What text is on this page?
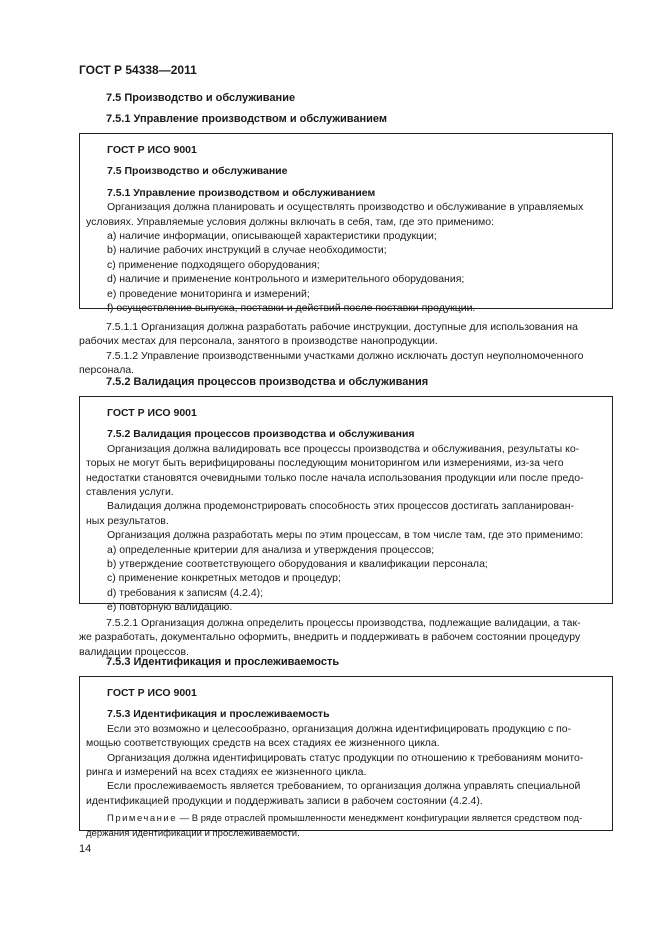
ГОСТ Р 54338—2011
7.5 Производство и обслуживание
7.5.1 Управление производством и обслуживанием
ГОСТ Р ИСО 9001
7.5 Производство и обслуживание
7.5.1 Управление производством и обслуживанием
Организация должна планировать и осуществлять производство и обслуживание в управляемых
условиях. Управляемые условия должны включать в себя, там, где это применимо:
a) наличие информации, описывающей характеристики продукции;
b) наличие рабочих инструкций в случае необходимости;
c) применение подходящего оборудования;
d) наличие и применение контрольного и измерительного оборудования;
e) проведение мониторинга и измерений;
f) осуществление выпуска, поставки и действий после поставки продукции.
7.5.1.1 Организация должна разработать рабочие инструкции, доступные для использования на
рабочих местах для персонала, занятого в производстве нанопродукции.
7.5.1.2 Управление производственными участками должно исключать доступ неуполномоченного
персонала.
7.5.2 Валидация процессов производства и обслуживания
ГОСТ Р ИСО 9001
7.5.2 Валидация процессов производства и обслуживания
Организация должна валидировать все процессы производства и обслуживания, результаты ко-
торых не могут быть верифицированы последующим мониторингом или измерениями, из-за чего
недостатки становятся очевидными только после начала использования продукции или после предо-
ставления услуги.
Валидация должна продемонстрировать способность этих процессов достигать запланирован-
ных результатов.
Организация должна разработать меры по этим процессам, в том числе там, где это применимо:
a) определенные критерии для анализа и утверждения процессов;
b) утверждение соответствующего оборудования и квалификации персонала;
c) применение конкретных методов и процедур;
d) требования к записям (4.2.4);
e) повторную валидацию.
7.5.2.1 Организация должна определить процессы производства, подлежащие валидации, а так-
же разработать, документально оформить, внедрить и поддерживать в рабочем состоянии процедуру
валидации процессов.
7.5.3 Идентификация и прослеживаемость
ГОСТ Р ИСО 9001
7.5.3 Идентификация и прослеживаемость
Если это возможно и целесообразно, организация должна идентифицировать продукцию с по-
мощью соответствующих средств на всех стадиях ее жизненного цикла.
Организация должна идентифицировать статус продукции по отношению к требованиям монито-
ринга и измерений на всех стадиях ее жизненного цикла.
Если прослеживаемость является требованием, то организация должна управлять специальной
идентификацией продукции и поддерживать записи в рабочем состоянии (4.2.4).
Примечание — В ряде отраслей промышленности менеджмент конфигурации является средством под-
держания идентификации и прослеживаемости.
14
